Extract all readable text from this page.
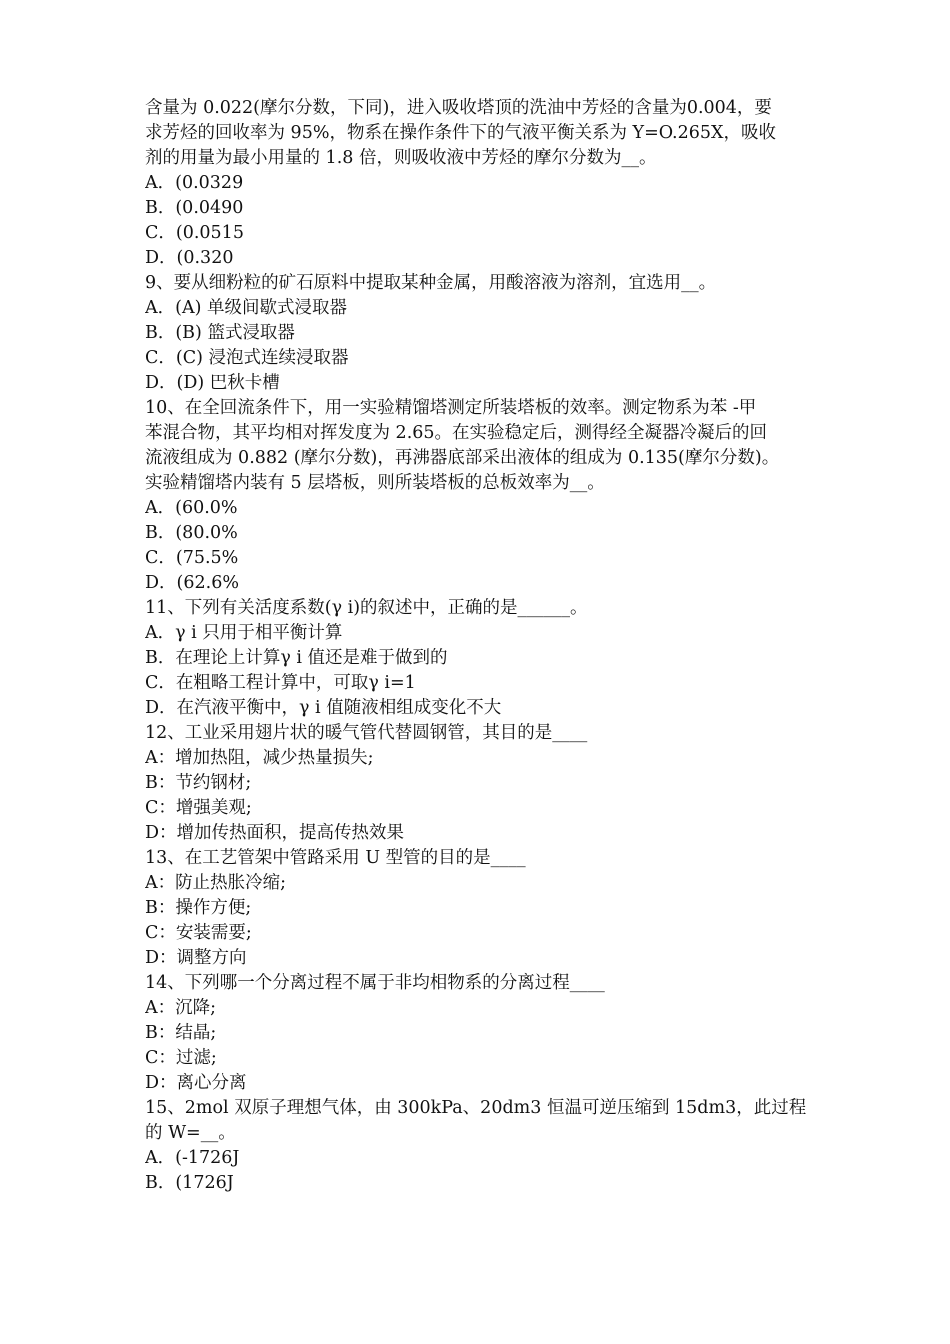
含量为 0.022(摩尔分数，下同)，进入吸收塔顶的洗油中芳烃的含量为0.004，要
求芳烃的回收率为 95%，物系在操作条件下的气液平衡关系为 Y=O.265X，吸收
剂的用量为最小用量的 1.8 倍，则吸收液中芳烃的摩尔分数为__。
A．(0.0329
B．(0.0490
C．(0.0515
D．(0.320
9、要从细粉粒的矿石原料中提取某种金属，用酸溶液为溶剂，宜选用__。
A．(A) 单级间歇式浸取器
B．(B) 篮式浸取器
C．(C) 浸泡式连续浸取器
D．(D) 巴秋卡槽
10、在全回流条件下，用一实验精馏塔测定所装塔板的效率。测定物系为苯 -甲
苯混合物，其平均相对挥发度为 2.65。在实验稳定后，测得经全凝器冷凝后的回
流液组成为 0.882 (摩尔分数)，再沸器底部采出液体的组成为 0.135(摩尔分数)。
实验精馏塔内装有 5 层塔板，则所装塔板的总板效率为__。
A．(60.0%
B．(80.0%
C．(75.5%
D．(62.6%
11、下列有关活度系数(γ i)的叙述中，正确的是______。
A．γ i 只用于相平衡计算
B．在理论上计算γ i 值还是难于做到的
C．在粗略工程计算中，可取γ i=1
D．在汽液平衡中，γ i 值随液相组成变化不大
12、工业采用翅片状的暖气管代替圆钢管，其目的是____
A：增加热阻，减少热量损失;
B：节约钢材;
C：增强美观;
D：增加传热面积，提高传热效果
13、在工艺管架中管路采用 U 型管的目的是____
A：防止热胀冷缩;
B：操作方便;
C：安装需要;
D：调整方向
14、下列哪一个分离过程不属于非均相物系的分离过程____
A：沉降;
B：结晶;
C：过滤;
D：离心分离
15、2mol 双原子理想气体，由 300kPa、20dm3 恒温可逆压缩到 15dm3，此过程
的 W=__。
A．(-1726J
B．(1726J
